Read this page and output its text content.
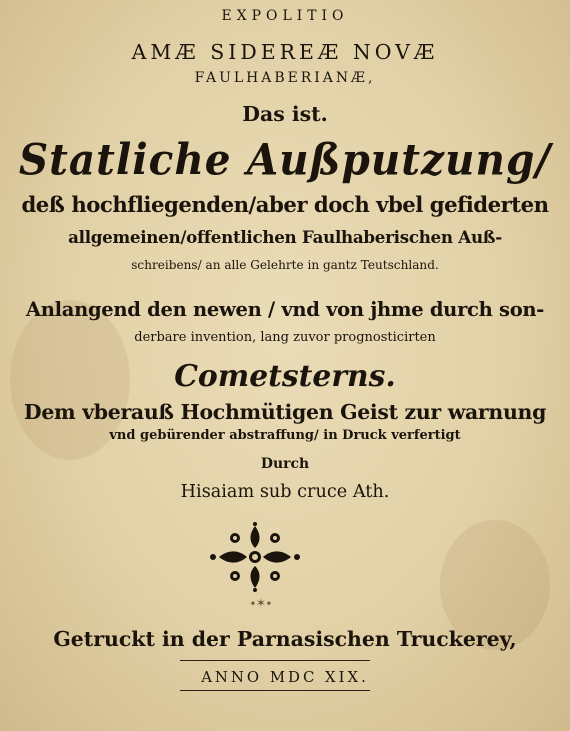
EXPOLITIO
AMÆ SIDEREÆ NOVÆ
FAULHABERIANÆ,
Das ist.
Statliche Außputzung/
deß hochfliegenden/aber doch vbel gefiderten
allgemeinen/offentlichen Faulhaberischen Auß-
schreibens/ an alle Gelehrte in gantz Teutschland.
Anlangend den newen / vnd von jhme durch son-
derbare invention, lang zuvor prognosticirten
Cometsterns.
Dem vberauß Hochmütigen Geist zur warnung
vnd gebürender abstraffung/ in Druck verfertigt
Durch
Hisaiam sub cruce Ath.
∙✶∙
Getruckt in der Parnasischen Truckerey,
ANNO MDC XIX.
